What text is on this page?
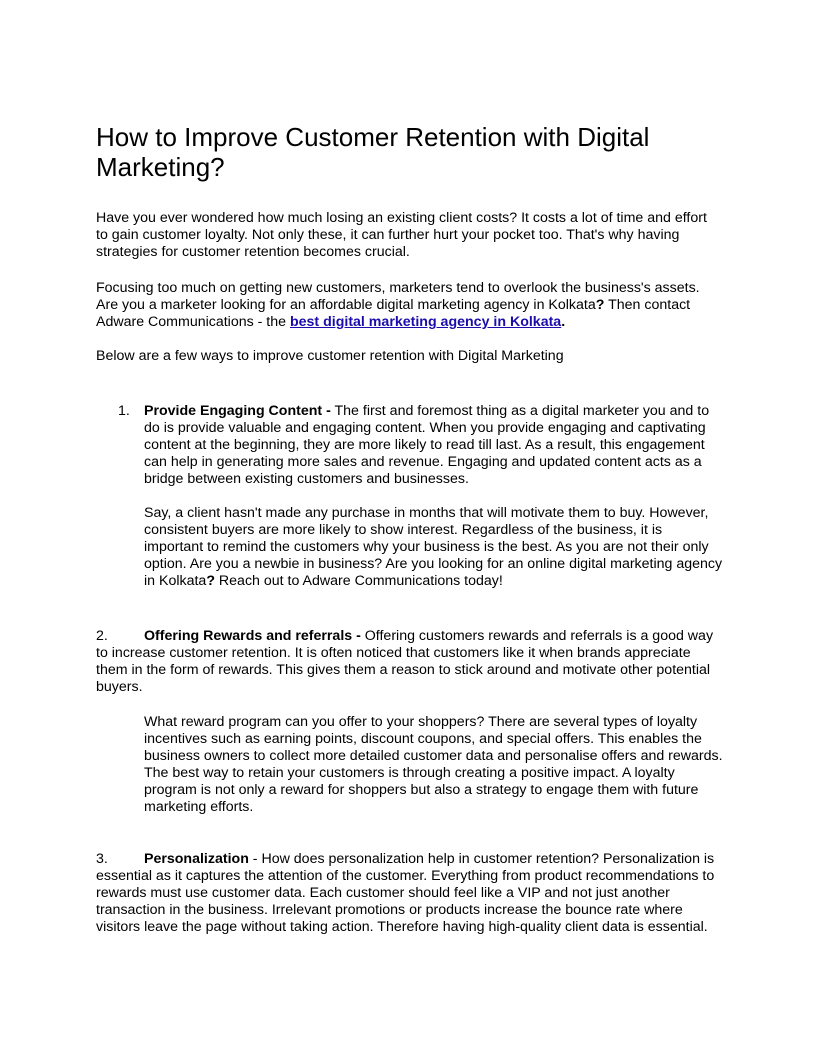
How to Improve Customer Retention with Digital Marketing?

Have you ever wondered how much losing an existing client costs? It costs a lot of time and effort to gain customer loyalty. Not only these, it can further hurt your pocket too. That's why having strategies for customer retention becomes crucial.

Focusing too much on getting new customers, marketers tend to overlook the business's assets. Are you a marketer looking for an affordable digital marketing agency in Kolkata? Then contact Adware Communications - the best digital marketing agency in Kolkata.

Below are a few ways to improve customer retention with Digital Marketing

1. Provide Engaging Content - The first and foremost thing as a digital marketer you and to do is provide valuable and engaging content. When you provide engaging and captivating content at the beginning, they are more likely to read till last. As a result, this engagement can help in generating more sales and revenue. Engaging and updated content acts as a bridge between existing customers and businesses.

Say, a client hasn't made any purchase in months that will motivate them to buy. However, consistent buyers are more likely to show interest. Regardless of the business, it is important to remind the customers why your business is the best. As you are not their only option. Are you a newbie in business? Are you looking for an online digital marketing agency in Kolkata? Reach out to Adware Communications today!

2.	Offering Rewards and referrals - Offering customers rewards and referrals is a good way to increase customer retention. It is often noticed that customers like it when brands appreciate them in the form of rewards. This gives them a reason to stick around and motivate other potential buyers.

What reward program can you offer to your shoppers? There are several types of loyalty incentives such as earning points, discount coupons, and special offers. This enables the business owners to collect more detailed customer data and personalise offers and rewards. The best way to retain your customers is through creating a positive impact. A loyalty program is not only a reward for shoppers but also a strategy to engage them with future marketing efforts.

3.	Personalization - How does personalization help in customer retention? Personalization is essential as it captures the attention of the customer. Everything from product recommendations to rewards must use customer data. Each customer should feel like a VIP and not just another transaction in the business. Irrelevant promotions or products increase the bounce rate where visitors leave the page without taking action. Therefore having high-quality client data is essential.
